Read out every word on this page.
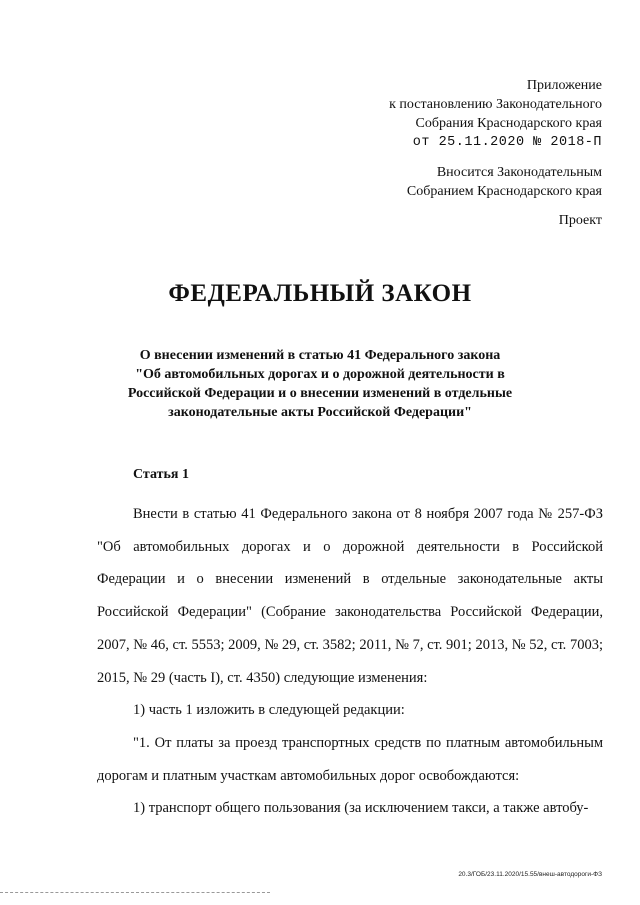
Приложение
к постановлению Законодательного
Собрания Краснодарского края
от 25.11.2020 № 2018-П
Вносится Законодательным
Собранием Краснодарского края
Проект
ФЕДЕРАЛЬНЫЙ ЗАКОН
О внесении изменений в статью 41 Федерального закона
"Об автомобильных дорогах и о дорожной деятельности в
Российской Федерации и о внесении изменений в отдельные
законодательные акты Российской Федерации"
Статья 1

Внести в статью 41 Федерального закона от 8 ноября 2007 года № 257-ФЗ "Об автомобильных дорогах и о дорожной деятельности в Российской Федерации и о внесении изменений в отдельные законодательные акты Российской Федерации" (Собрание законодательства Российской Федерации, 2007, № 46, ст. 5553; 2009, № 29, ст. 3582; 2011, № 7, ст. 901; 2013, № 52, ст. 7003; 2015, № 29 (часть I), ст. 4350) следующие изменения:

1) часть 1 изложить в следующей редакции:

"1. От платы за проезд транспортных средств по платным автомобильным дорогам и платным участкам автомобильных дорог освобождаются:

1) транспорт общего пользования (за исключением такси, а также автобу-

20.3/ГОБ/23.11.2020/15.55/внеш-автодороги-ФЗ
